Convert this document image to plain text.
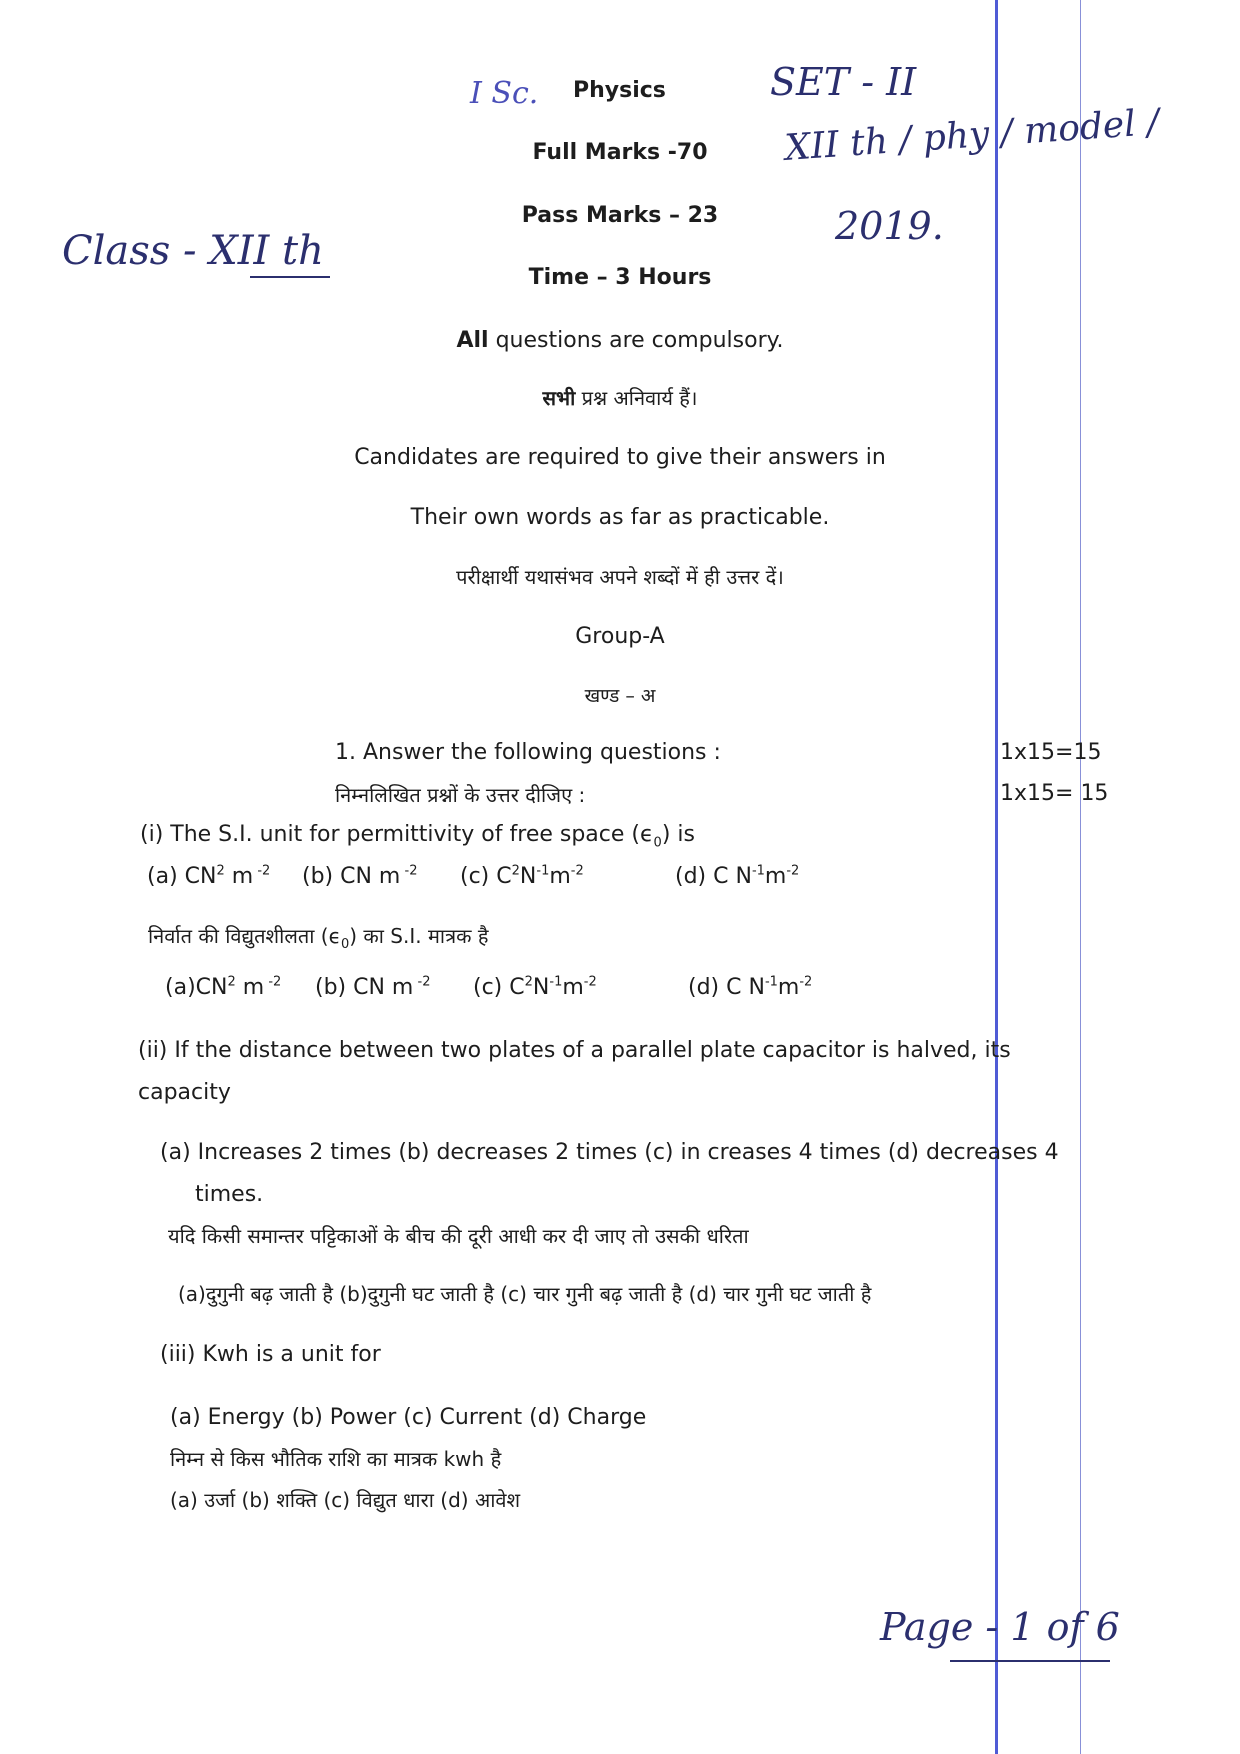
I Sc.	SET - II
XII th / phy / model /
2019.
Class - XII th
Page - 1 of 6
Physics
Full Marks -70
Pass Marks – 23
Time – 3 Hours
All questions are compulsory.
सभी प्रश्न अनिवार्य हैं।
Candidates are required to give their answers in
Their own words as far as practicable.
परीक्षार्थी यथासंभव अपने शब्दों में ही उत्तर दें।
Group-A
खण्ड – अ
1. Answer the following questions :	1x15=15
निम्नलिखित प्रश्नों के उत्तर दीजिए :	1x15= 15
(i) The S.I. unit for permittivity of free space $(\epsilon_0)$ is
(a) $CN^2$ m $^{-2}$ (b) CN m $^{-2}$ (c) $C^2N^{-1}m^{-2}$	(d) C $N^{-1}m^{-2}$
निर्वात की विद्युतशीलता $(\epsilon_0)$ का S.I. मात्रक है
$(a)CN^2$ m $^{-2}$ (b) CN m $^{-2}$ (c) $C^2N^{-1}m^{-2}$	(d) C $N^{-1}m^{-2}$
(ii) If the distance between two plates of a parallel plate capacitor is halved, its
capacity
(a) Increases 2 times (b) decreases 2 times (c) in creases 4 times (d) decreases 4
times.
यदि किसी समान्तर पट्टिकाओं के बीच की दूरी आधी कर दी जाए तो उसकी धरिता
(a)दुगुनी बढ़ जाती है (b)दुगुनी घट जाती है (c) चार गुनी बढ़ जाती है (d) चार गुनी घट जाती है
(iii) Kwh is a unit for
(a) Energy (b) Power (c) Current (d) Charge
निम्न से किस भौतिक राशि का मात्रक kwh है
(a) उर्जा (b) शक्ति (c) विद्युत धारा (d) आवेश
